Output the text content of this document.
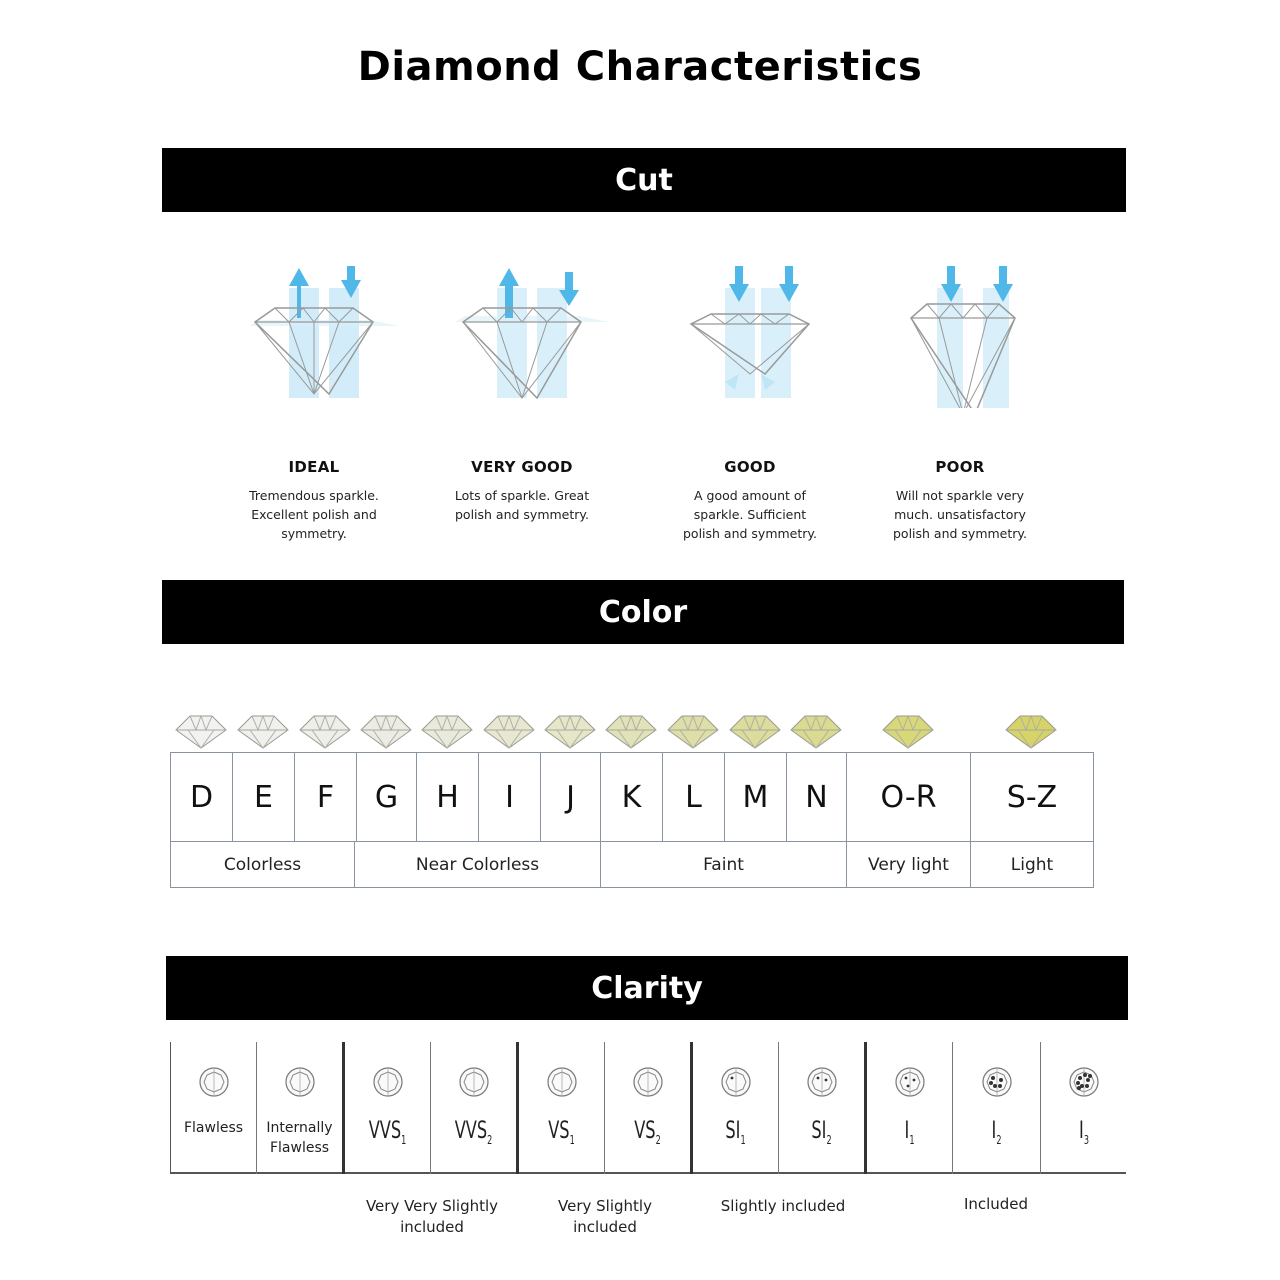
Diamond Characteristics
Cut
IDEAL
Tremendous sparkle.
Excellent polish and
symmetry.
VERY GOOD
Lots of sparkle. Great
polish and symmetry.
GOOD
A good amount of
sparkle. Sufficient
polish and symmetry.
POOR
Will not sparkle very
much. unsatisfactory
polish and symmetry.
Color
D	E	F	G	H	I	J	K	L	M	N	O-R	S-Z
Colorless	Near Colorless	Faint	Very light	Light
Clarity
Flawless	Internally Flawless
$VVS_1$	$VVS_2$	$VS_1$	$VS_2$	$SI_1$	$SI_2$	$I_1$	$I_2$	$I_3$
Very Very Slightly
included
Very Slightly
included
Slightly included	Included
